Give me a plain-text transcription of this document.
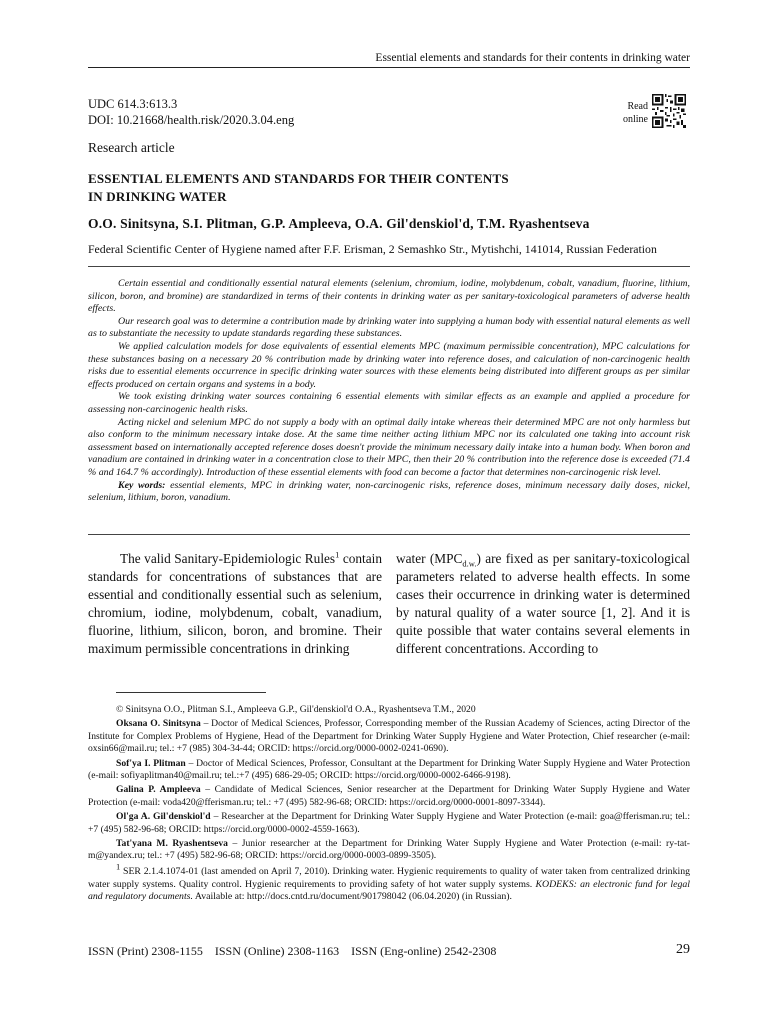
Essential elements and standards for their contents in drinking water
UDC 614.3:613.3
DOI: 10.21668/health.risk/2020.3.04.eng
Read
online
Research article
ESSENTIAL ELEMENTS AND STANDARDS FOR THEIR CONTENTS
IN DRINKING WATER
O.O. Sinitsyna, S.I. Plitman, G.P. Ampleeva, O.A. Gil'denskiol'd, T.M. Ryashentseva
Federal Scientific Center of Hygiene named after F.F. Erisman, 2 Semashko Str., Mytishchi, 141014, Russian Federation

Certain essential and conditionally essential natural elements (selenium, chromium, iodine, molybdenum, cobalt, vanadium, fluorine, lithium, silicon, boron, and bromine) are standardized in terms of their contents in drinking water as per sanitary-toxicological parameters of adverse health effects.

Our research goal was to determine a contribution made by drinking water into supplying a human body with essential natural elements as well as to substantiate the necessity to update standards regarding these substances.

We applied calculation models for dose equivalents of essential elements MPC (maximum permissible concentration), MPC calculations for these substances basing on a necessary 20 % contribution made by drinking water into reference doses, and calculation of non-carcinogenic health risks due to essential elements occurrence in specific drinking water sources with these elements being distributed into different groups as per similar effects produced on certain organs and systems in a body.

We took existing drinking water sources containing 6 essential elements with similar effects as an example and applied a procedure for assessing non-carcinogenic health risks.

Acting nickel and selenium MPC do not supply a body with an optimal daily intake whereas their determined MPC are not only harmless but also conform to the minimum necessary intake dose. At the same time neither acting lithium MPC nor its calculated one taking into account risk assessment based on internationally accepted reference doses doesn't provide the minimum necessary daily intake into a human body. When boron and vanadium are contained in drinking water in a concentration close to their MPC, then their 20 % contribution into the reference dose is exceeded (71.4 % and 164.7 % accordingly). Introduction of these essential elements with food can become a factor that determines non-carcinogenic risk level.

Key words: essential elements, MPC in drinking water, non-carcinogenic risks, reference doses, minimum necessary daily doses, nickel, selenium, lithium, boron, vanadium.

The valid Sanitary-Epidemiologic Rules$^1$ contain standards for concentrations of substances that are essential and conditionally essential such as selenium, chromium, iodine, molybdenum, cobalt, vanadium, fluorine, lithium, silicon, boron, and bromine. Their maximum permissible concentrations in drinking

water $(MPC_{d.w.})$ are fixed as per sanitary-toxicological parameters related to adverse health effects. In some cases their occurrence in drinking water is determined by natural quality of a water source [1, 2]. And it is quite possible that water contains several elements in different concentrations. According to

© Sinitsyna O.O., Plitman S.I., Ampleeva G.P., Gil'denskiol'd O.A., Ryashentseva T.M., 2020

Oksana O. Sinitsyna – Doctor of Medical Sciences, Professor, Corresponding member of the Russian Academy of Sciences, acting Director of the Institute for Complex Problems of Hygiene, Head of the Department for Drinking Water Supply Hygiene and Water Protection, Chief researcher (e-mail: oxsin66@mail.ru; tel.: +7 (985) 304-34-44; ORCID: https://orcid.org/0000-0002-0241-0690).

Sof'ya I. Plitman – Doctor of Medical Sciences, Professor, Consultant at the Department for Drinking Water Supply Hygiene and Water Protection (e-mail: sofiyaplitman40@mail.ru; tel.:+7 (495) 686-29-05; ORCID: https://orcid.org/0000-0002-6466-9198).

Galina P. Ampleeva – Candidate of Medical Sciences, Senior researcher at the Department for Drinking Water Supply Hygiene and Water Protection (e-mail: voda420@fferisman.ru; tel.: +7 (495) 582-96-68; ORCID: https://orcid.org/0000-0001-8097-3344).

Ol'ga A. Gil'denskiol'd – Researcher at the Department for Drinking Water Supply Hygiene and Water Protection (e-mail: goa@fferisman.ru; tel.: +7 (495) 582-96-68; ORCID: https://orcid.org/0000-0002-4559-1663).

Tat'yana M. Ryashentseva – Junior researcher at the Department for Drinking Water Supply Hygiene and Water Protection (e-mail: ry-tat-m@yandex.ru; tel.: +7 (495) 582-96-68; ORCID: https://orcid.org/0000-0003-0899-3505).

$^1$ SER 2.1.4.1074-01 (last amended on April 7, 2010). Drinking water. Hygienic requirements to quality of water taken from centralized drinking water supply systems. Quality control. Hygienic requirements to providing safety of hot water supply systems. KODEKS: an electronic fund for legal and regulatory documents. Available at: http://docs.cntd.ru/document/901798042 (06.04.2020) (in Russian).

ISSN (Print) 2308-1155    ISSN (Online) 2308-1163    ISSN (Eng-online) 2542-2308	29
